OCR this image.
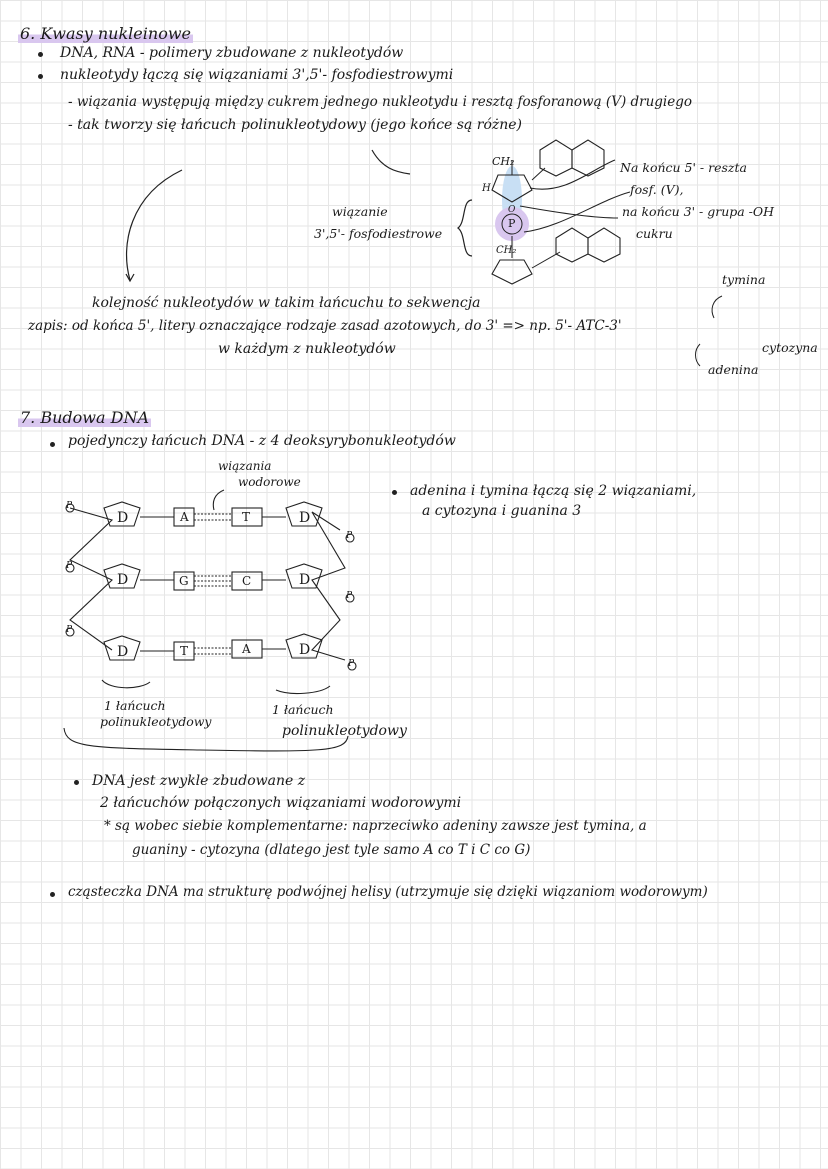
6. Kwasy nukleinowe
DNA, RNA - polimery zbudowane z nukleotydów
nukleotydy łączą się wiązaniami 3',5'- fosfodiestrowymi
- wiązania występują między cukrem jednego nukleotydu i resztą fosforanową (V) drugiego
- tak tworzy się łańcuch polinukleotydowy (jego końce są różne)
CH₂
H
O
P
CH₂
wiązanie
3',5'- fosfodiestrowe
Na końcu 5' - reszta
fosf. (V),
na końcu 3' - grupa -OH
cukru
tymina
kolejność nukleotydów w takim łańcuchu to sekwencja
zapis: od końca 5', litery oznaczające rodzaje zasad azotowych, do 3' => np. 5'- ATC-3'
w każdym z nukleotydów	cytozyna
adenina
7. Budowa DNA
pojedynczy łańcuch DNA - z 4 deoksyrybonukleotydów
wiązania
wodorowe
adenina i tymina łączą się 2 wiązaniami,
a cytozyna i guanina 3
D
D
D
D
D
D
A	T
G	C
T	A
P
P
P
P
P
P
1 łańcuch
polinukleotydowy
1 łańcuch
polinukleotydowy
DNA jest zwykle zbudowane z
2 łańcuchów połączonych wiązaniami wodorowymi
* są wobec siebie komplementarne: naprzeciwko adeniny zawsze jest tymina, a
guaniny - cytozyna (dlatego jest tyle samo A co T i C co G)
cząsteczka DNA ma strukturę podwójnej helisy (utrzymuje się dzięki wiązaniom wodorowym)
